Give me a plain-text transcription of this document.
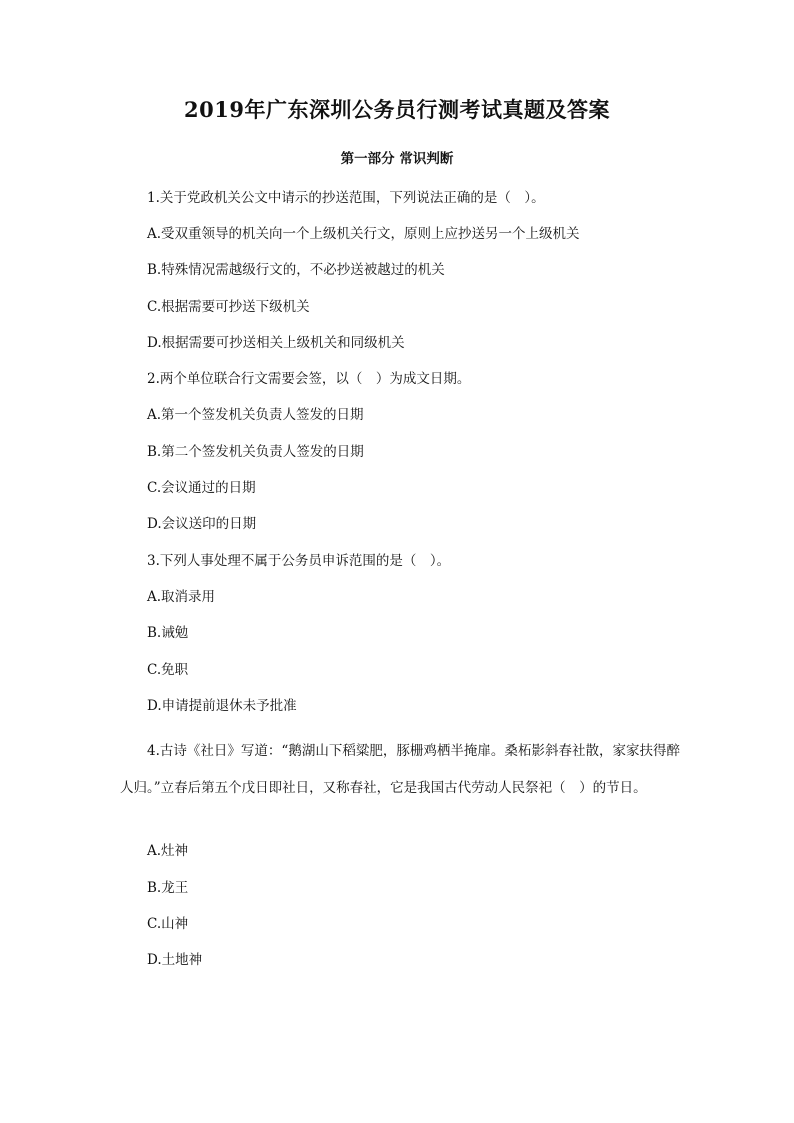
2019年广东深圳公务员行测考试真题及答案
第一部分 常识判断
1.关于党政机关公文中请示的抄送范围，下列说法正确的是（　）。
A.受双重领导的机关向一个上级机关行文，原则上应抄送另一个上级机关
B.特殊情况需越级行文的，不必抄送被越过的机关
C.根据需要可抄送下级机关
D.根据需要可抄送相关上级机关和同级机关
2.两个单位联合行文需要会签，以（　）为成文日期。
A.第一个签发机关负责人签发的日期
B.第二个签发机关负责人签发的日期
C.会议通过的日期
D.会议送印的日期
3.下列人事处理不属于公务员申诉范围的是（　）。
A.取消录用
B.诫勉
C.免职
D.申请提前退休未予批准
4.古诗《社日》写道：“鹅湖山下稻粱肥，豚栅鸡栖半掩扉。桑柘影斜春社散，家家扶得醉人归。”立春后第五个戊日即社日，又称春社，它是我国古代劳动人民祭祀（　）的节日。
A.灶神
B.龙王
C.山神
D.土地神
